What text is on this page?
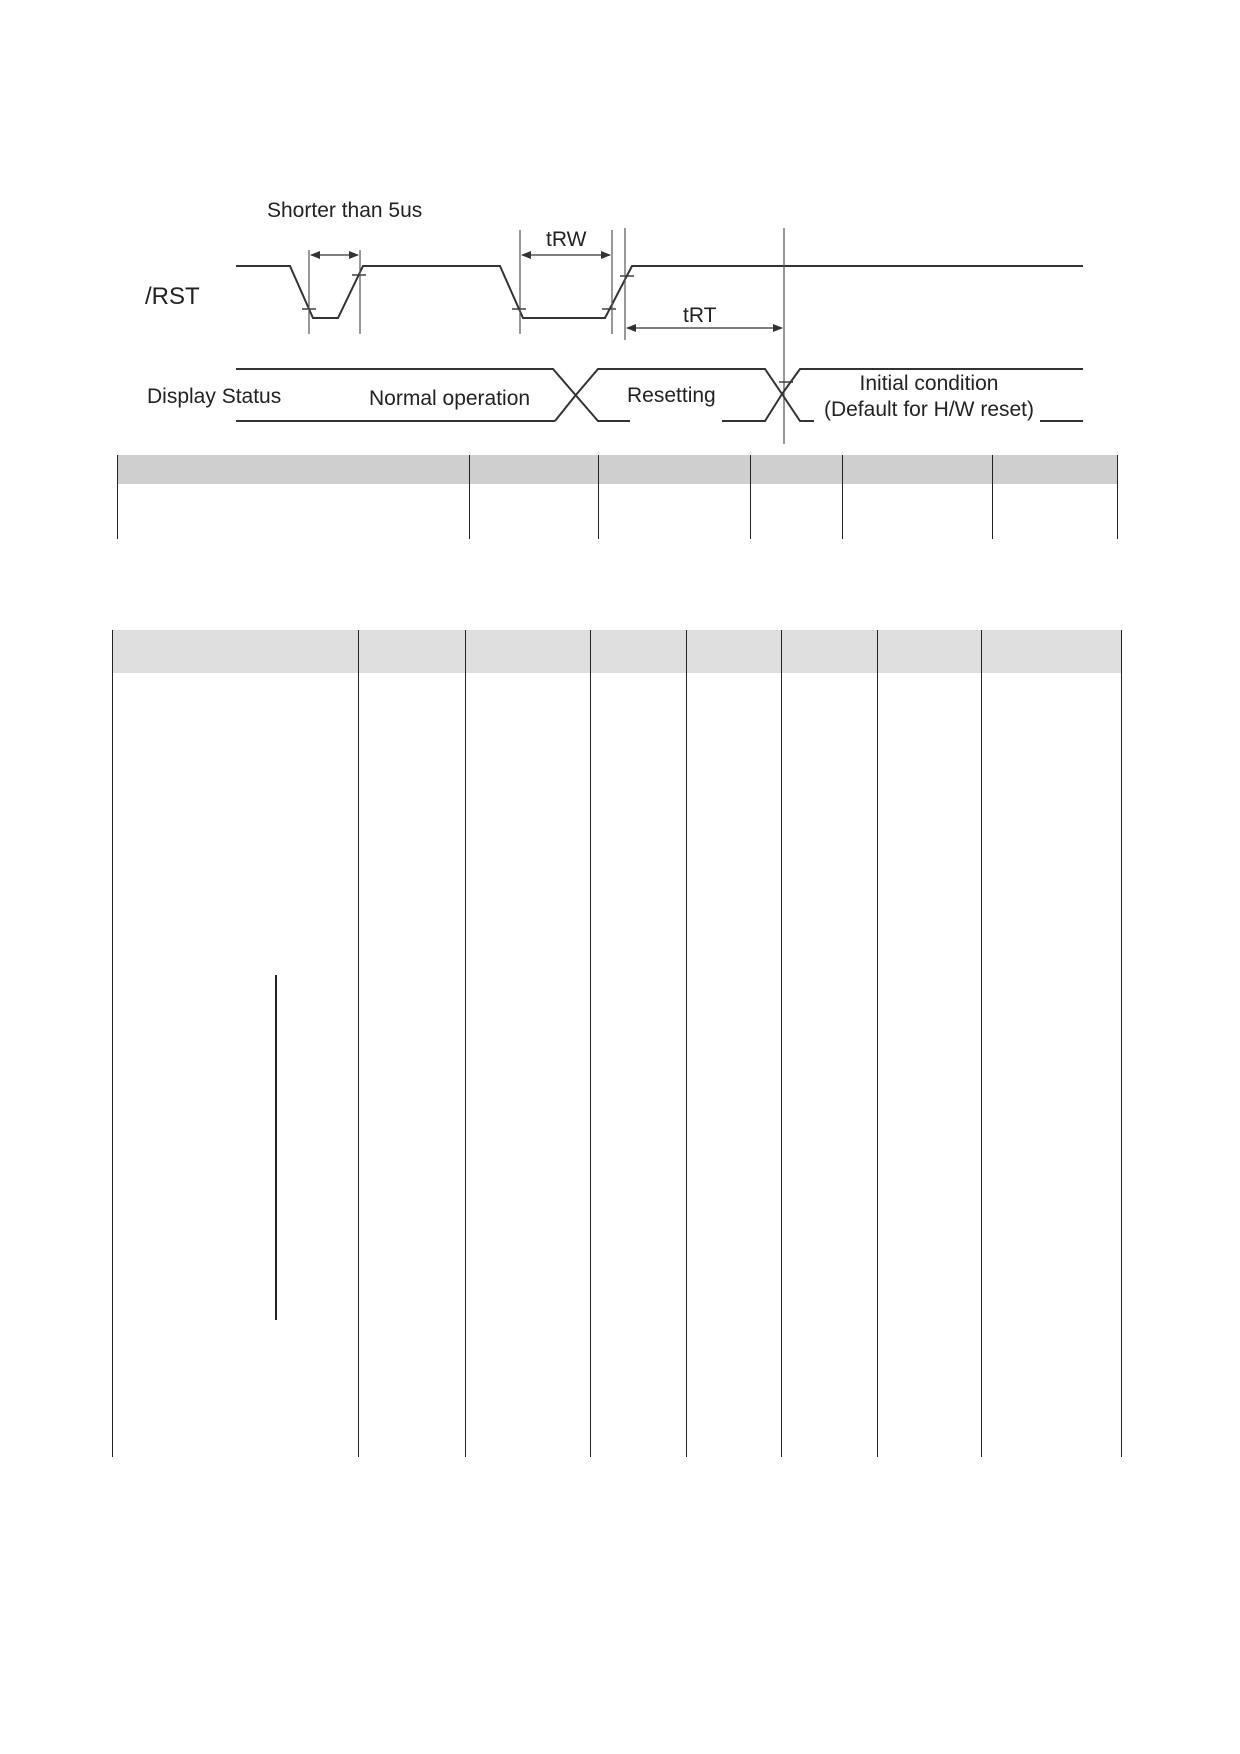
Shorter than 5us
/RST
tRW
tRT
Display Status	Normal operation	Resetting
Initial condition
(Default for H/W reset)
